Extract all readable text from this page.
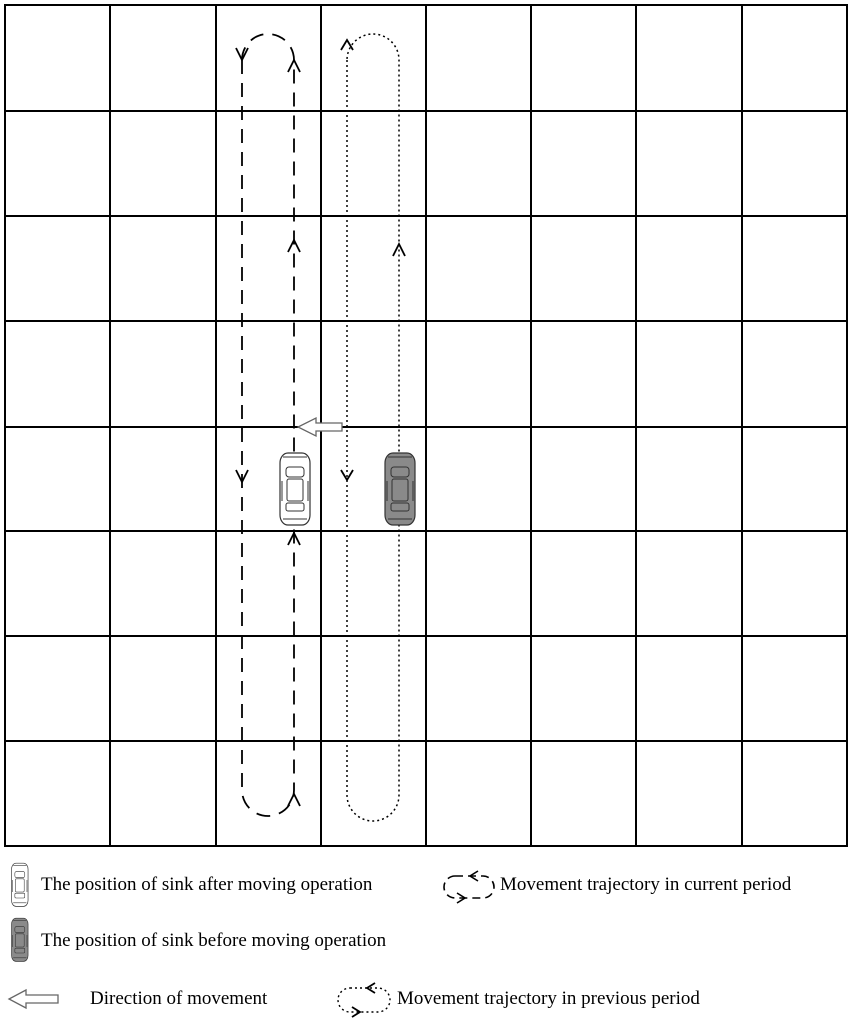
The position of sink after moving operation	Movement trajectory in current period
The position of sink before moving operation
Direction of movement	Movement trajectory in previous period
